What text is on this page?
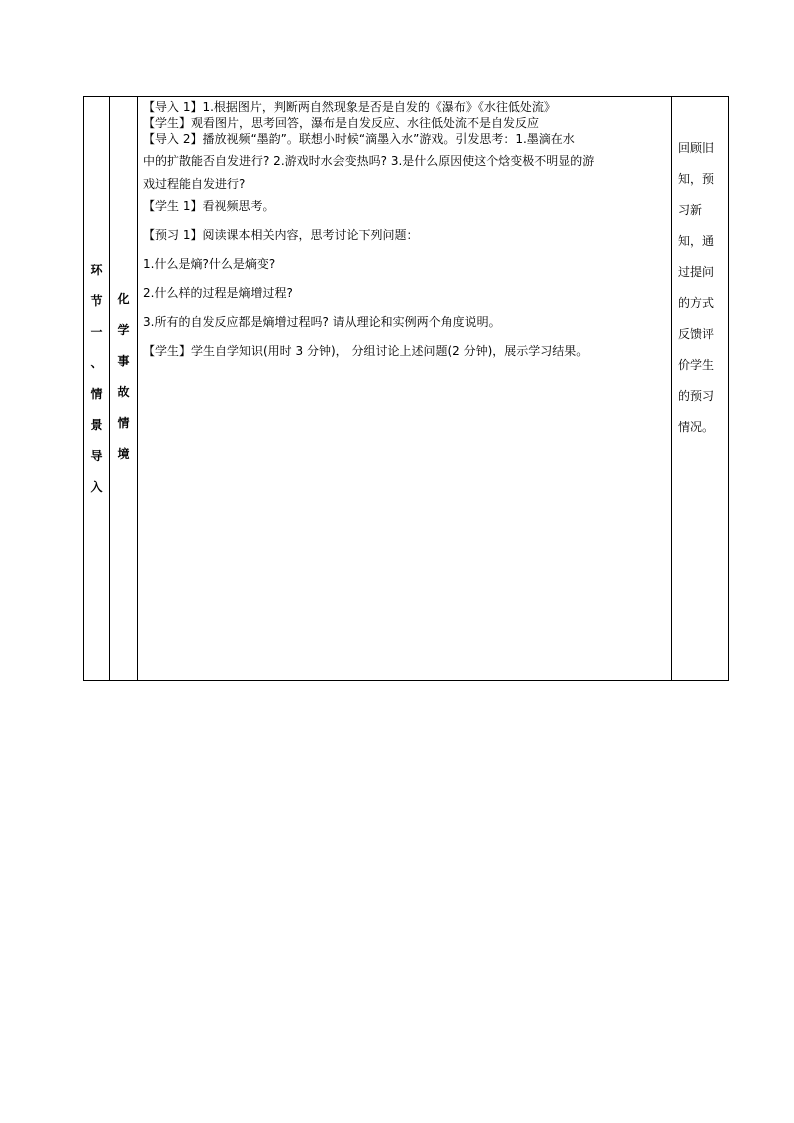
环
节
一
、
情
景
导
入
化
学
事
故
情
境

【导入 1】1.根据图片，判断两自然现象是否是自发的《瀑布》《水往低处流》

【学生】观看图片，思考回答，瀑布是自发反应、水往低处流不是自发反应

【导入 2】播放视频“墨韵”。联想小时候“滴墨入水”游戏。引发思考：1.墨滴在水

中的扩散能否自发进行? 2.游戏时水会变热吗? 3.是什么原因使这个焓变极不明显的游

戏过程能自发进行?

【学生 1】看视频思考。

【预习 1】阅读课本相关内容，思考讨论下列问题：

1.什么是熵?什么是熵变?

2.什么样的过程是熵增过程?

3.所有的自发反应都是熵增过程吗? 请从理论和实例两个角度说明。

【学生】学生自学知识(用时 3 分钟)， 分组讨论上述问题(2 分钟)，展示学习结果。

回顾旧
知，预
习新
知，通
过提问
的方式
反馈评
价学生
的预习
情况。
